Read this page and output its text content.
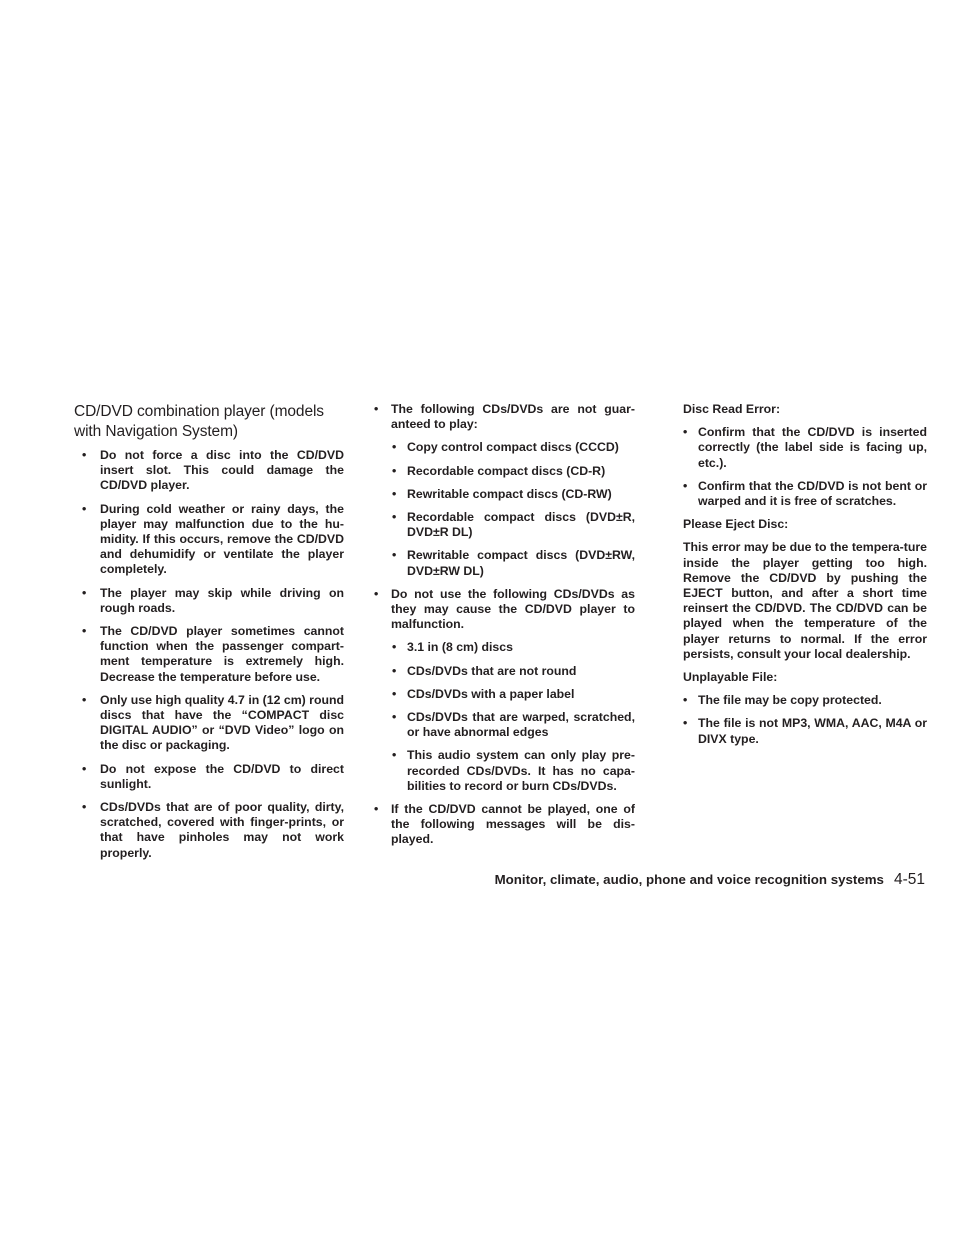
CD/DVD combination player (models with Navigation System)
• Do not force a disc into the CD/DVD insert slot. This could damage the CD/DVD player.
• During cold weather or rainy days, the player may malfunction due to the hu-midity. If this occurs, remove the CD/DVD and dehumidify or ventilate the player completely.
• The player may skip while driving on rough roads.
• The CD/DVD player sometimes cannot function when the passenger compart-ment temperature is extremely high. Decrease the temperature before use.
• Only use high quality 4.7 in (12 cm) round discs that have the “COMPACT disc DIGITAL AUDIO” or “DVD Video” logo on the disc or packaging.
• Do not expose the CD/DVD to direct sunlight.
• CDs/DVDs that are of poor quality, dirty, scratched, covered with finger-prints, or that have pinholes may not work properly.
• The following CDs/DVDs are not guar-anteed to play:
• Copy control compact discs (CCCD)
• Recordable compact discs (CD-R)
• Rewritable compact discs (CD-RW)
• Recordable compact discs (DVD±R, DVD±R DL)
• Rewritable compact discs (DVD±RW, DVD±RW DL)
• Do not use the following CDs/DVDs as they may cause the CD/DVD player to malfunction.
• 3.1 in (8 cm) discs
• CDs/DVDs that are not round
• CDs/DVDs with a paper label
• CDs/DVDs that are warped, scratched, or have abnormal edges
• This audio system can only play pre-recorded CDs/DVDs. It has no capa-bilities to record or burn CDs/DVDs.
• If the CD/DVD cannot be played, one of the following messages will be dis-played.

Disc Read Error:

• Confirm that the CD/DVD is inserted correctly (the label side is facing up, etc.).
• Confirm that the CD/DVD is not bent or warped and it is free of scratches.

Please Eject Disc:

This error may be due to the tempera-ture inside the player getting too high. Remove the CD/DVD by pushing the EJECT button, and after a short time reinsert the CD/DVD. The CD/DVD can be played when the temperature of the player returns to normal. If the error persists, consult your local dealership.

Unplayable File:

• The file may be copy protected.
• The file is not MP3, WMA, AAC, M4A or DIVX type.
Monitor, climate, audio, phone and voice recognition systems 4-51
